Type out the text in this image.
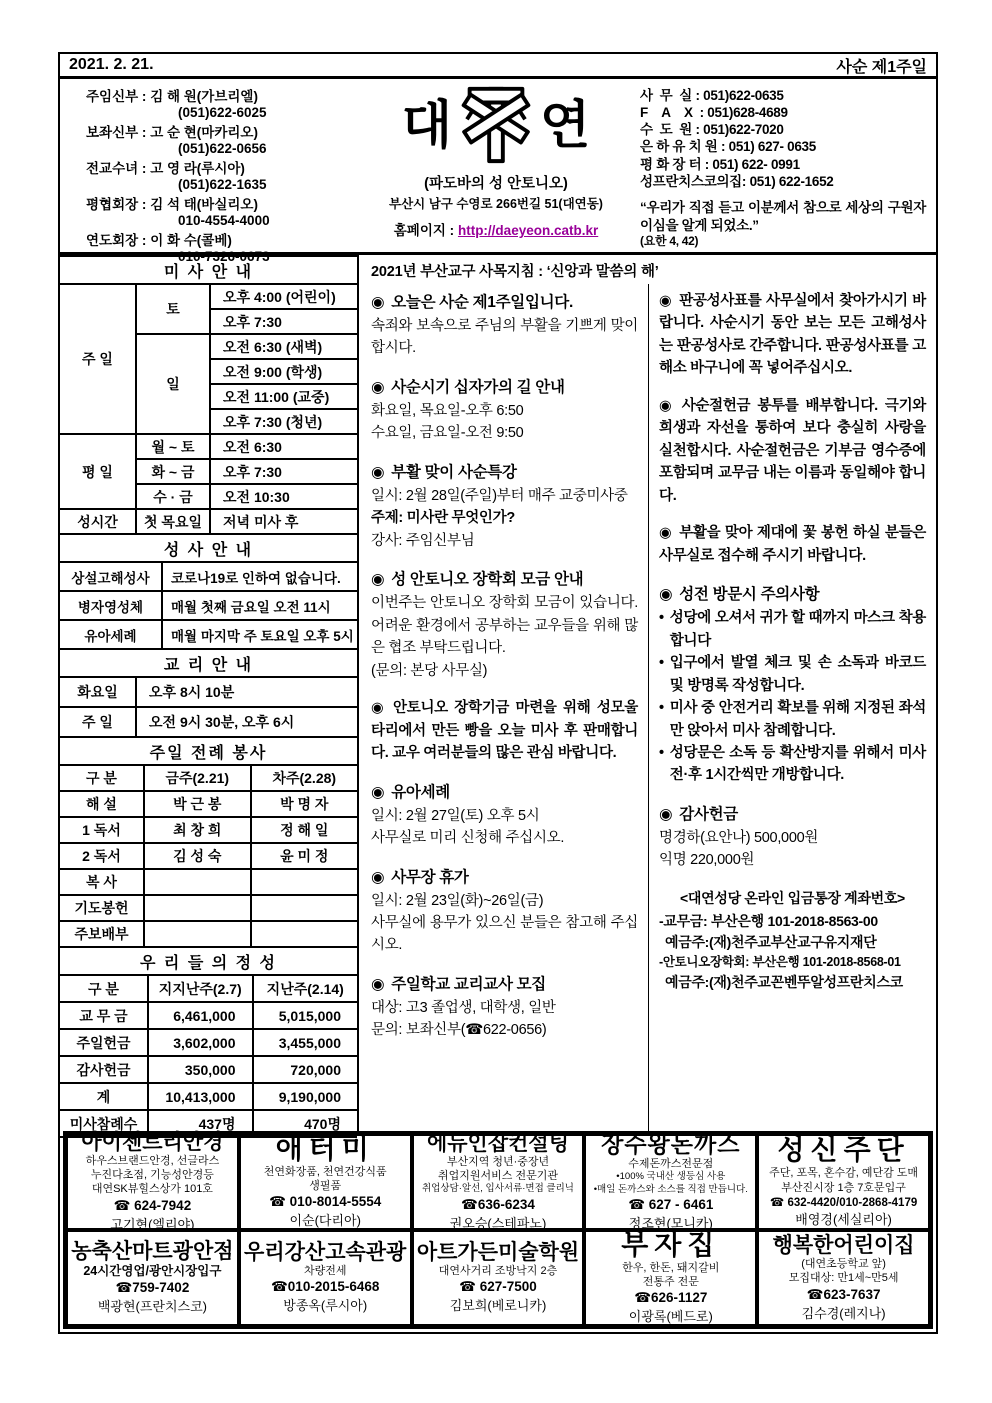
2021. 2. 21.	사순 제1주일
주임신부 : 김 해 원(가브리엘)
(051)622-6025
보좌신부 : 고 순 현(마카리오)
(051)622-0656
전교수녀 : 고 영 라(루시아)
(051)622-1635
평협회장 : 김 석 태(바실리오)
010-4554-4000
연도회장 : 이 화 수(콜베)
010-7326-0673
대 연
(파도바의 성 안토니오)
부산시 남구 수영로 266번길 51(대연동)
홈페이지 : http://daeyeon.catb.kr
사  무  실 : 051)622-0635
F    A    X  : 051)628-4689
수  도  원 : 051)622-7020
은 하 유 치 원 : 051) 627- 0635
평 화 장 터 : 051) 622- 0991
성프란치스코의집: 051) 622-1652
“우리가 직접 듣고 이분께서 참으로 세상의 구원자이심을 알게 되었소.”
(요한 4, 42)
미 사 안 내		
주 일	토	오후 4:00 (어린이)
		오후 7:30
	일	오전 6:30 (새벽)
		오전 9:00 (학생)
		오전 11:00 (교중)
		오후 7:30 (청년)
평 일	월 ~ 토	오전 6:30
	화 ~ 금	오후 7:30
	수 · 금	오전 10:30
성시간	첫 목요일	저녁 미사 후
성 사 안 내	
상설고해성사	코로나19로 인하여 없습니다.
병자영성체	매월 첫째 금요일 오전 11시
유아세례	매월 마지막 주 토요일 오후 5시
교 리 안 내	
화요일	오후 8시 10분
주 일	오전 9시 30분, 오후 6시
주일 전례 봉사		
구 분	금주(2.21)	차주(2.28)
해 설	박 근 봉	박 명 자
1 독서	최 창 희	정 해 일
2 독서	김 성 숙	윤 미 정
복 사		
기도봉헌		
주보배부		
우 리 들 의 정 성		
구 분	지지난주(2.7)	지난주(2.14)
교 무 금	6,461,000	5,015,000
주일헌금	3,602,000	3,455,000
감사헌금	350,000	720,000
계	10,413,000	9,190,000
미사참례수	437명	470명
2021년 부산교구 사목지침 : ‘신앙과 말씀의 해’
◉ 오늘은 사순 제1주일입니다.
속죄와 보속으로 주님의 부활을 기쁘게 맞이 합시다.
◉ 사순시기 십자가의 길 안내
화요일, 목요일-오후 6:50
수요일, 금요일-오전 9:50
◉ 부활 맞이 사순특강
일시: 2월 28일(주일)부터 매주 교중미사중
주제: 미사란 무엇인가?
강사: 주임신부님
◉ 성 안토니오 장학회 모금 안내
이번주는 안토니오 장학회 모금이 있습니다. 어려운 환경에서 공부하는 교우들을 위해 많은 협조 부탁드립니다.
(문의: 본당 사무실)
◉ 안토니오 장학기금 마련을 위해 성모울타리에서 만든 빵을 오늘 미사 후 판매합니다. 교우 여러분들의 많은 관심 바랍니다.
◉ 유아세례
일시: 2월 27일(토) 오후 5시
사무실로 미리 신청해 주십시오.
◉ 사무장 휴가
일시: 2월 23일(화)~26일(금)
사무실에 용무가 있으신 분들은 참고해 주십시오.
◉ 주일학교 교리교사 모집
대상: 고3 졸업생, 대학생, 일반
문의: 보좌신부(☎622-0656)
◉ 판공성사표를 사무실에서 찾아가시기 바랍니다. 사순시기 동안 보는 모든 고해성사는 판공성사로 간주합니다. 판공성사표를 고해소 바구니에 꼭 넣어주십시오.
◉ 사순절헌금 봉투를 배부합니다. 극기와 희생과 자선을 통하여 보다 충실히 사랑을 실천합시다. 사순절헌금은 기부금 영수증에 포함되며 교무금 내는 이름과 동일해야 합니다.
◉ 부활을 맞아 제대에 꽃 봉헌 하실 분들은 사무실로 접수해 주시기 바랍니다.
◉ 성전 방문시 주의사항
• 성당에 오셔서 귀가 할 때까지 마스크 착용합니다
• 입구에서 발열 체크 및 손 소독과 바코드 및 방명록 작성합니다.
• 미사 중 안전거리 확보를 위해 지정된 좌석만 앉아서 미사 참례합니다.
• 성당문은 소독 등 확산방지를 위해서 미사 전·후 1시간씩만 개방합니다.
◉ 감사헌금
명경하(요안나) 500,000원
익명 220,000원
<대연성당 온라인 입금통장 계좌번호>
-교무금: 부산은행 101-2018-8563-00
예금주:(재)천주교부산교구유지재단
-안토니오장학회: 부산은행 101-2018-8568-01
예금주:(재)천주교꼰벤뚜알성프란치스코
아이젠트리안경
하우스브랜드안경, 선글라스
누진다초점, 기능성안경등
대연SK뷰힐스상가 101호
☎ 624-7942
고기현(엘리야)
애터미
천연화장품, 천연건강식품
생필품
☎ 010-8014-5554
이순(다리아)
에듀인잡컨설팅
부산지역 청년·중장년
취업지원서비스 전문기관
취업상담·알선, 입사서류·면접 클리닉
☎636-6234
권오승(스테파노)
장수왕돈까스
수제돈까스전문점
•100% 국내산 생등심 사용
•매일 돈까스와 소스를 직접 만듭니다.
☎ 627 - 6461
정조현(모니카)
성신주단
주단, 포목, 혼수감, 예단감 도매
부산진시장 1층 7호문입구
☎ 632-4420/010-2868-4179
배영경(세실리아)
농축산마트광안점
24시간영업/광안시장입구
☎759-7402
백광현(프란치스코)
우리강산고속관광
차량전세
☎010-2015-6468
방종옥(루시아)
아트가든미술학원
대연사거리 조방낙지 2층
☎ 627-7500
김보희(베로니카)
부자집
한우, 한돈, 돼지갈비
전통주 전문
☎626-1127
이광록(베드로)
행복한어린이집
(대연초등학교 앞)
모집대상: 만1세~만5세
☎623-7637
김수경(레지나)
